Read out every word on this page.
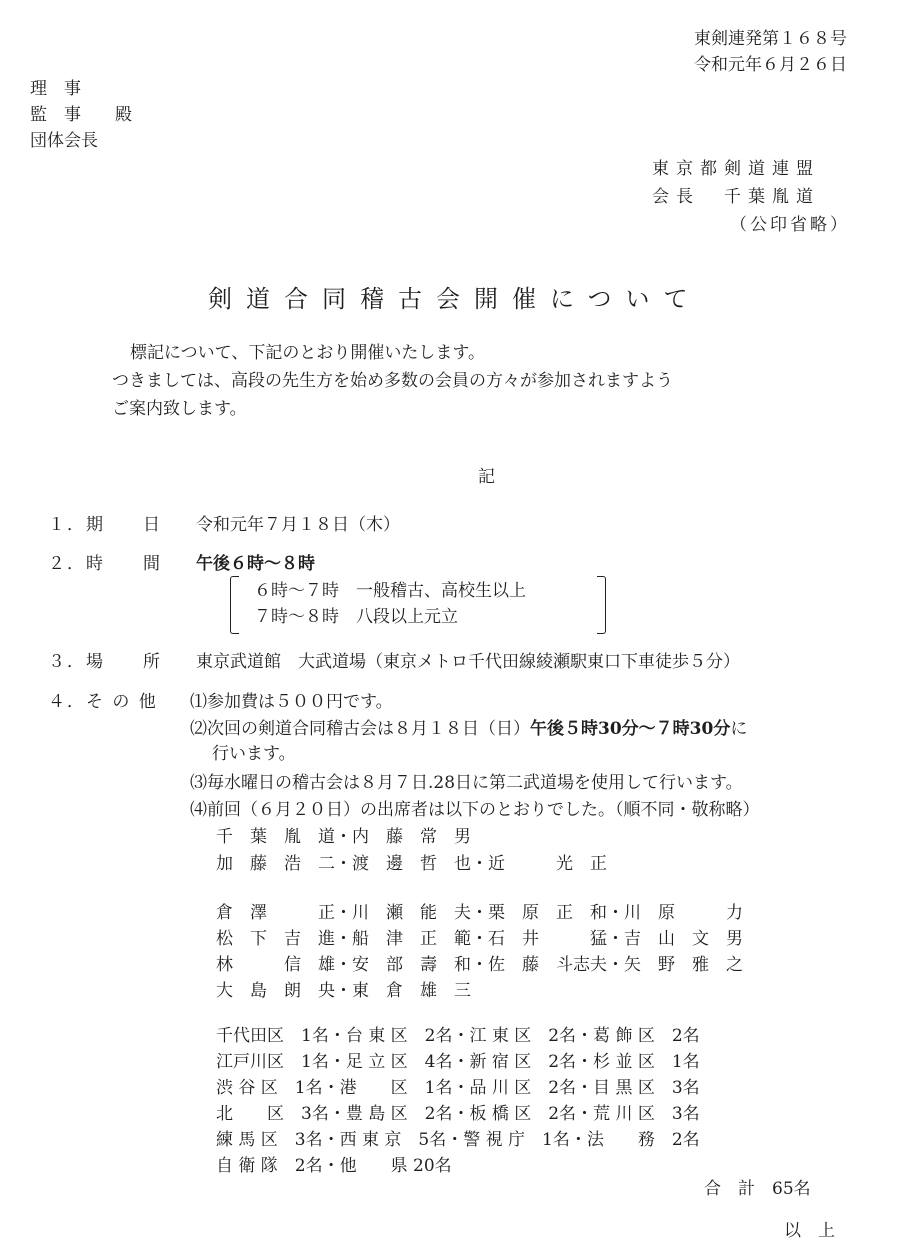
東剣連発第１６８号
令和元年６月２６日
理　事
監　事　　殿
団体会長
東京都剣道連盟
会長　千葉胤道
（公印省略）
剣道合同稽古会開催について
標記について、下記のとおり開催いたします。
つきましては、高段の先生方を始め多数の会員の方々が参加されますよう
ご案内致します。
記
１．期　　日 令和元年７月１８日（木）
２．時　　間 午後６時～８時
６時～７時　一般稽古、高校生以上
７時～８時　八段以上元立
３．場　　所 東京武道館　大武道場（東京メトロ千代田線綾瀬駅東口下車徒歩５分）
４．そ の 他 ⑴参加費は５００円です。
⑵次回の剣道合同稽古会は８月１８日（日）午後５時30分～７時30分に
行います。
⑶毎水曜日の稽古会は８月７日.28日に第二武道場を使用して行います。
⑷前回（６月２０日）の出席者は以下のとおりでした。（順不同・敬称略）
千　葉　胤　道・内　藤　常　男
加　藤　浩　二・渡　邊　哲　也・近　　　光　正
倉　澤　　　正・川　瀬　能　夫・栗　原　正　和・川　原　　　力
松　下　吉　進・船　津　正　範・石　井　　　猛・吉　山　文　男
林　　　信　雄・安　部　壽　和・佐　藤　斗志夫・矢　野　雅　之
大　島　朗　央・東　倉　雄　三
千代田区　1名・台 東 区　2名・江 東 区　2名・葛 飾 区　2名
江戸川区　1名・足 立 区　4名・新 宿 区　2名・杉 並 区　1名
渋 谷 区　1名・港　　区　1名・品 川 区　2名・目 黒 区　3名
北　　区　3名・豊 島 区　2名・板 橋 区　2名・荒 川 区　3名
練 馬 区　3名・西 東 京　5名・警 視 庁　1名・法　　務　2名
自 衛 隊　2名・他　　県 20名
合　計　65名
以　上
